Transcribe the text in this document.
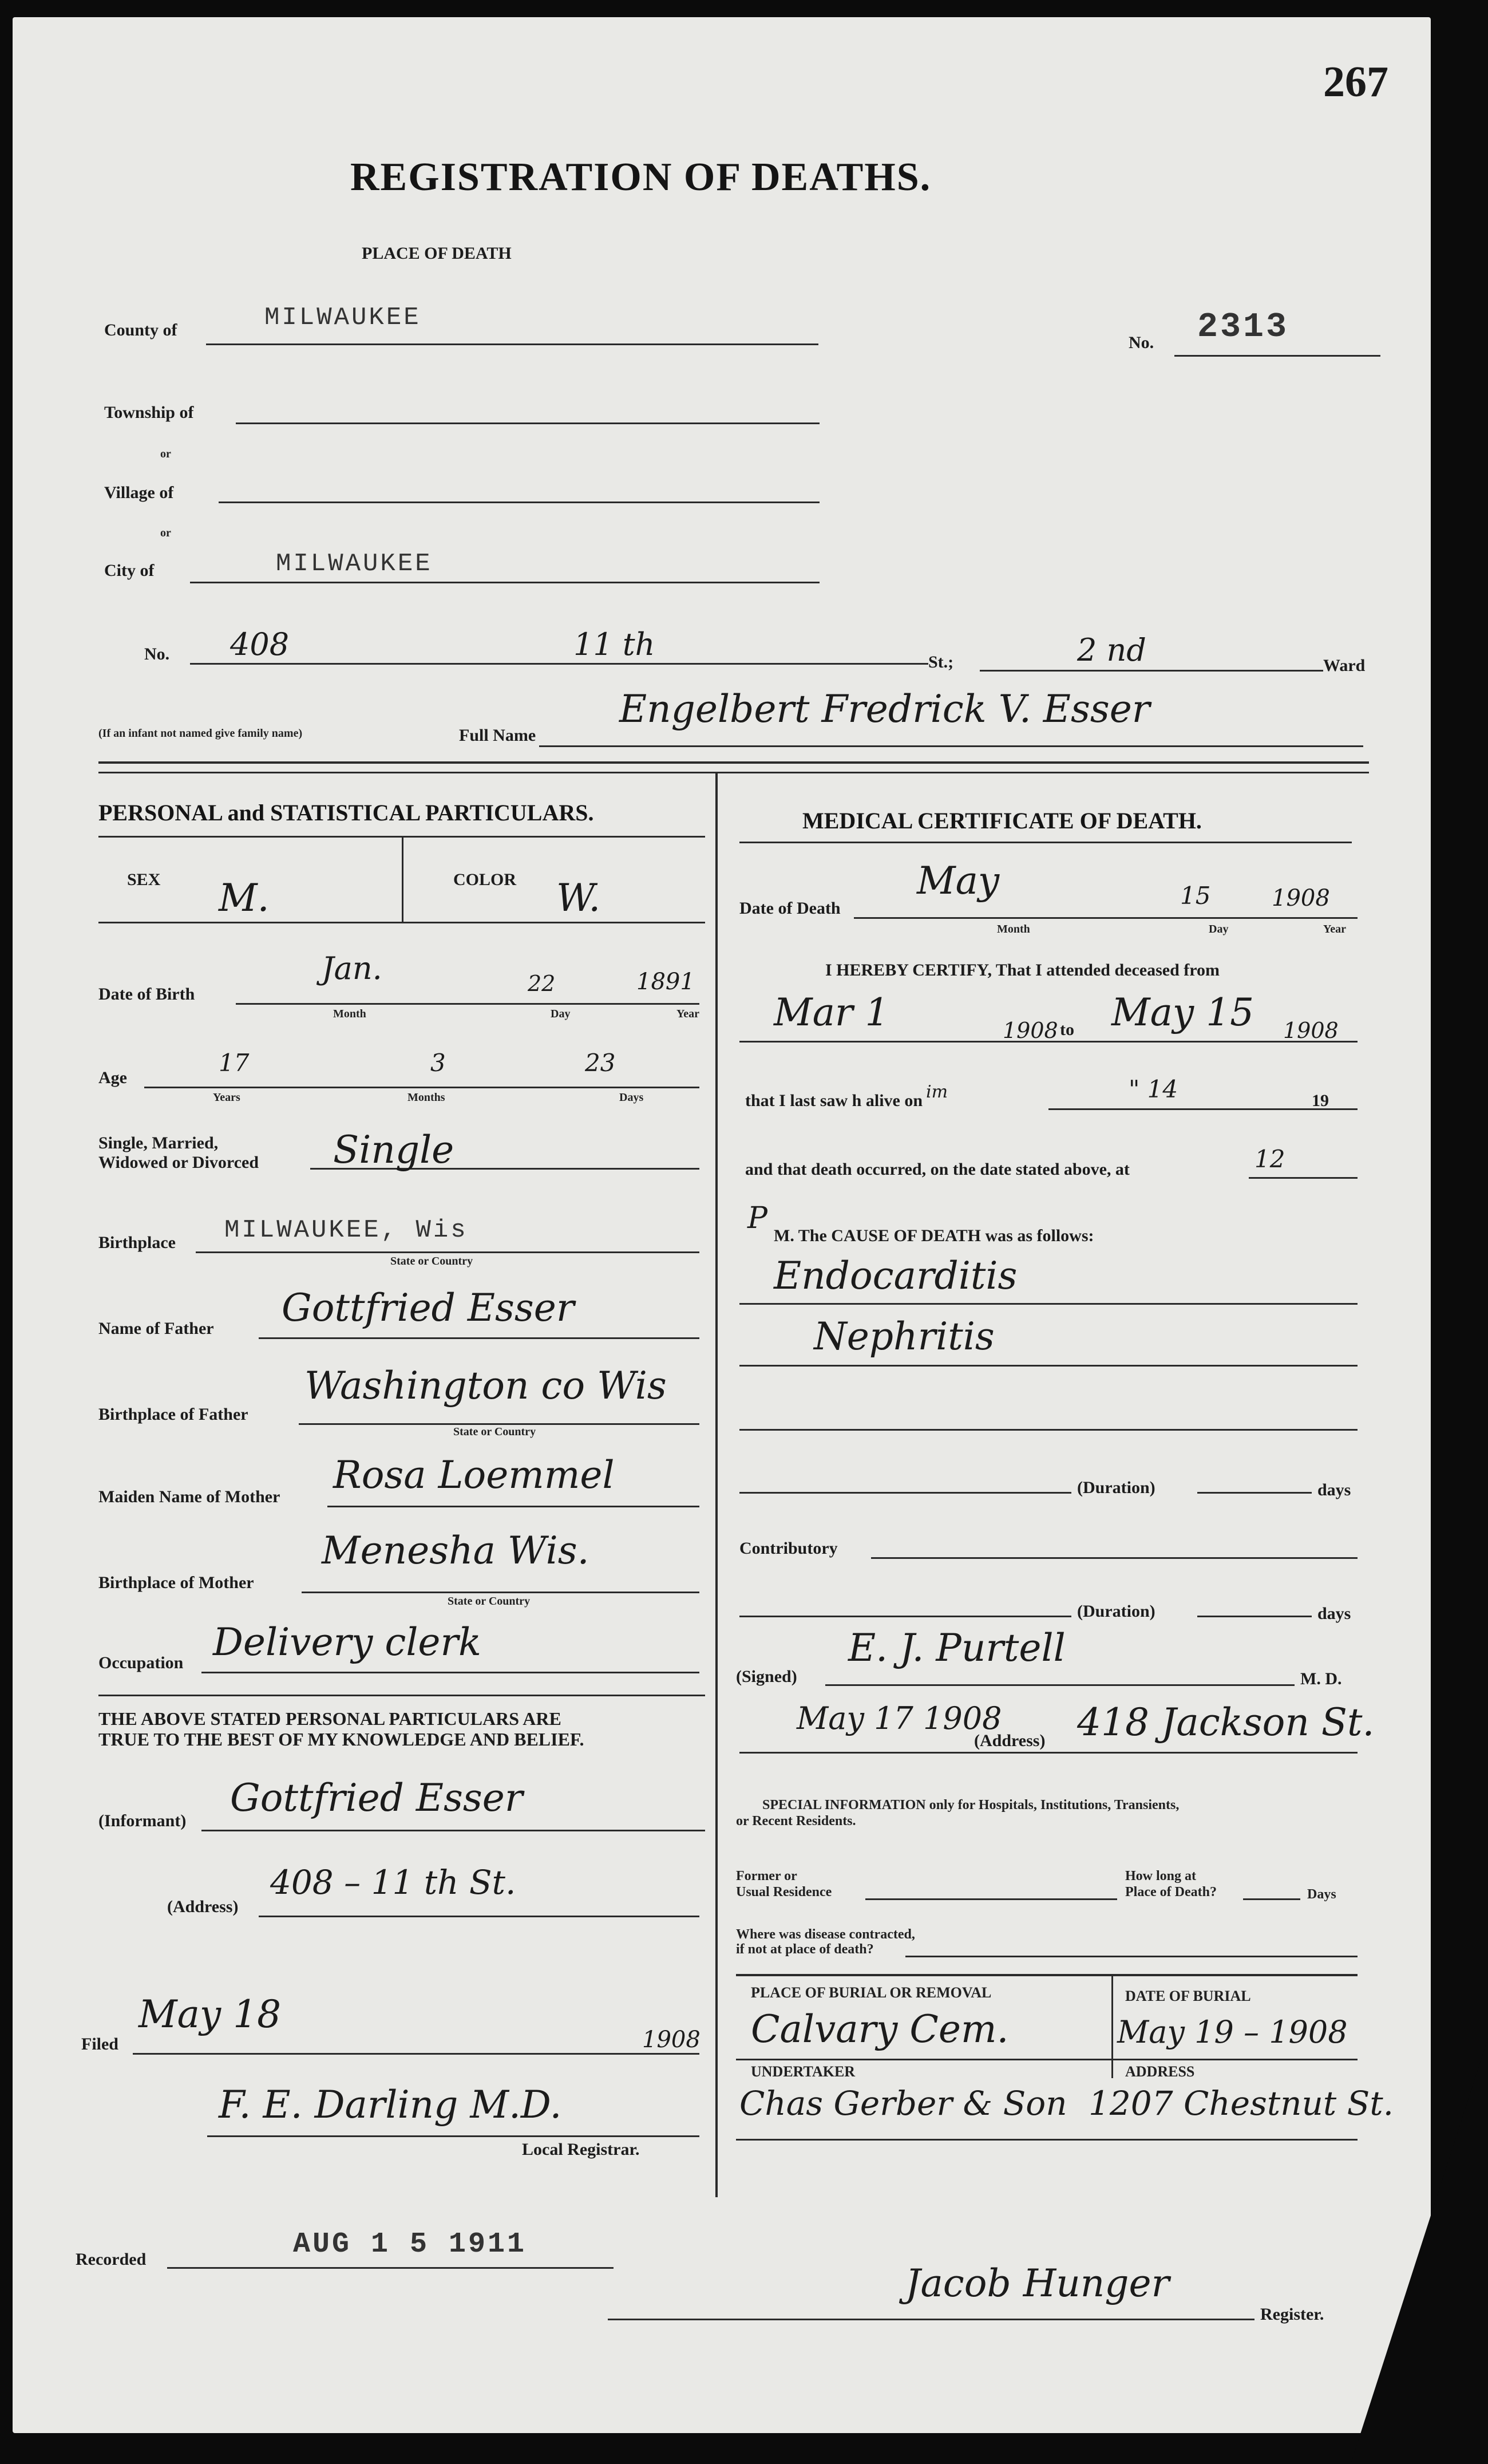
267
REGISTRATION OF DEATHS.
PLACE OF DEATH
County of	MILWAUKEE
No. 2313
Township of
or
Village of
or
City of	MILWAUKEE
No. 408	11 th	St.;	2 nd	Ward
(If an infant not named give family name)	Full Name
Engelbert Fredrick V. Esser
PERSONAL and STATISTICAL PARTICULARS.
SEX M.	COLOR W.
Date of Birth
Jan.	22	1891
Month	Day	Year
Age
17	3	23
Years	Months	Days
Single, Married,
Widowed or Divorced Single
Birthplace MILWAUKEE, Wis
State or Country
Name of Father Gottfried Esser
Birthplace of Father
Washington co Wis
State or Country
Maiden Name of Mother Rosa Loemmel
Birthplace of Mother
Menesha Wis.
State or Country
Occupation Delivery clerk
THE ABOVE STATED PERSONAL PARTICULARS ARE
TRUE TO THE BEST OF MY KNOWLEDGE AND BELIEF.
(Informant)
Gottfried Esser
(Address)
408 – 11 th St.
Filed
May 18
1908
F. E. Darling M.D.
Local Registrar.
MEDICAL CERTIFICATE OF DEATH.
Date of Death
May	15	1908
Month	Day	Year
I HEREBY CERTIFY, That I attended deceased from
Mar 1	1908 to May 15 1908
that I last saw h alive on im	" 14	19
and that death occurred, on the date stated above, at	12
P
M. The CAUSE OF DEATH was as follows:
Endocarditis
Nephritis
(Duration)	days
Contributory
(Duration)	days
(Signed)
E. J. Purtell
M. D.
May 17 1908
(Address) 418 Jackson St.
SPECIAL INFORMATION only for Hospitals, Institutions, Transients,
or Recent Residents.
Former or
Usual Residence
How long at
Place of Death?	Days
Where was disease contracted,
if not at place of death?
PLACE OF BURIAL OR REMOVAL	DATE OF BURIAL
Calvary Cem.	May 19 – 1908
UNDERTAKER	ADDRESS
Chas Gerber & Son 1207 Chestnut St.
Recorded	AUG 1 5 1911
Jacob Hunger
Register.
